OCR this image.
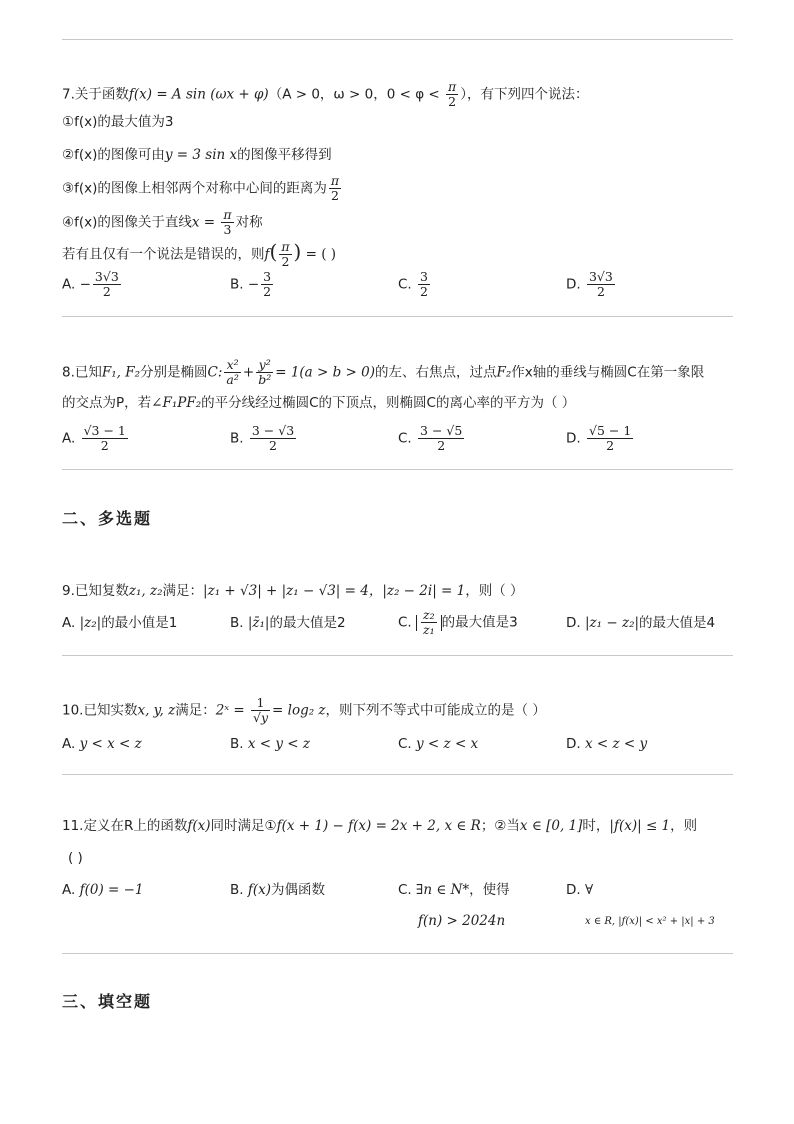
7.关于函数f(x) = A sin (ωx + φ)（A > 0，ω > 0，$0 < \varphi < \frac{\pi}{2}$ ），有下列四个说法：
①f(x)的最大值为3
②f(x)的图像可由y = 3 sin x的图像平移得到
③f(x)的图像上相邻两个对称中心间的距离为 $\frac{\pi}{2}$
④f(x)的图像关于直线$x = \frac{\pi}{3}$ 对称
若有且仅有一个说法是错误的，则$f( \frac{\pi}{2}$ ) = ( )
A. − $\frac{3√3}{2}$	B. − $\frac{3}{2}$	C. $\frac{3}{2}$	D. $\frac{3√3}{2}$
8.已知F₁, F₂分别是椭圆C: $\frac{\text{x²}}{\text{a²}} + \frac{\text{y²}}{\text{b²}} = 1(a > b > 0)$的左、右焦点，过点F₂作x轴的垂线与椭圆C在第一象限
的交点为P，若∠F₁PF₂的平分线经过椭圆C的下顶点，则椭圆C的离心率的平方为（ ）
A. $\frac{√3 - 1}{2}$	B. $\frac{3 - √3}{2}$	C. $\frac{3 - √5}{2}$	D. $\frac{√5 - 1}{2}$
二、多选题
9.已知复数z₁, z₂满足：|z₁ + √3| + |z₁ − √3| = 4，|z₂ − 2i| = 1，则（ ）
A. |z₂|的最小值是1	B. |z̄₁|的最大值是2	C. $\frac{\text{z₂}}{\text{z₁}}$ 的最大值是3	D. |z₁ − z₂|的最大值是4
10.已知实数x, y, z满足：2ˣ = $\frac{1}{√y} = \log_2$ z，则下列不等式中可能成立的是（ ）
A. y < x < z	B. x < y < z	C. y < z < x	D. x < z < y
11.定义在R上的函数f(x)同时满足①f(x + 1) − f(x) = 2x + 2, x ∈ R；②当x ∈ [0, 1]时，|f(x)| ≤ 1，则
( )
A. f(0) = −1	B. f(x)为偶函数	C. ∃n ∈ N*，使得
f(n) > 2024n
D. ∀
x ∈ R, |f(x)| < x² + |x| + 3
三、填空题
